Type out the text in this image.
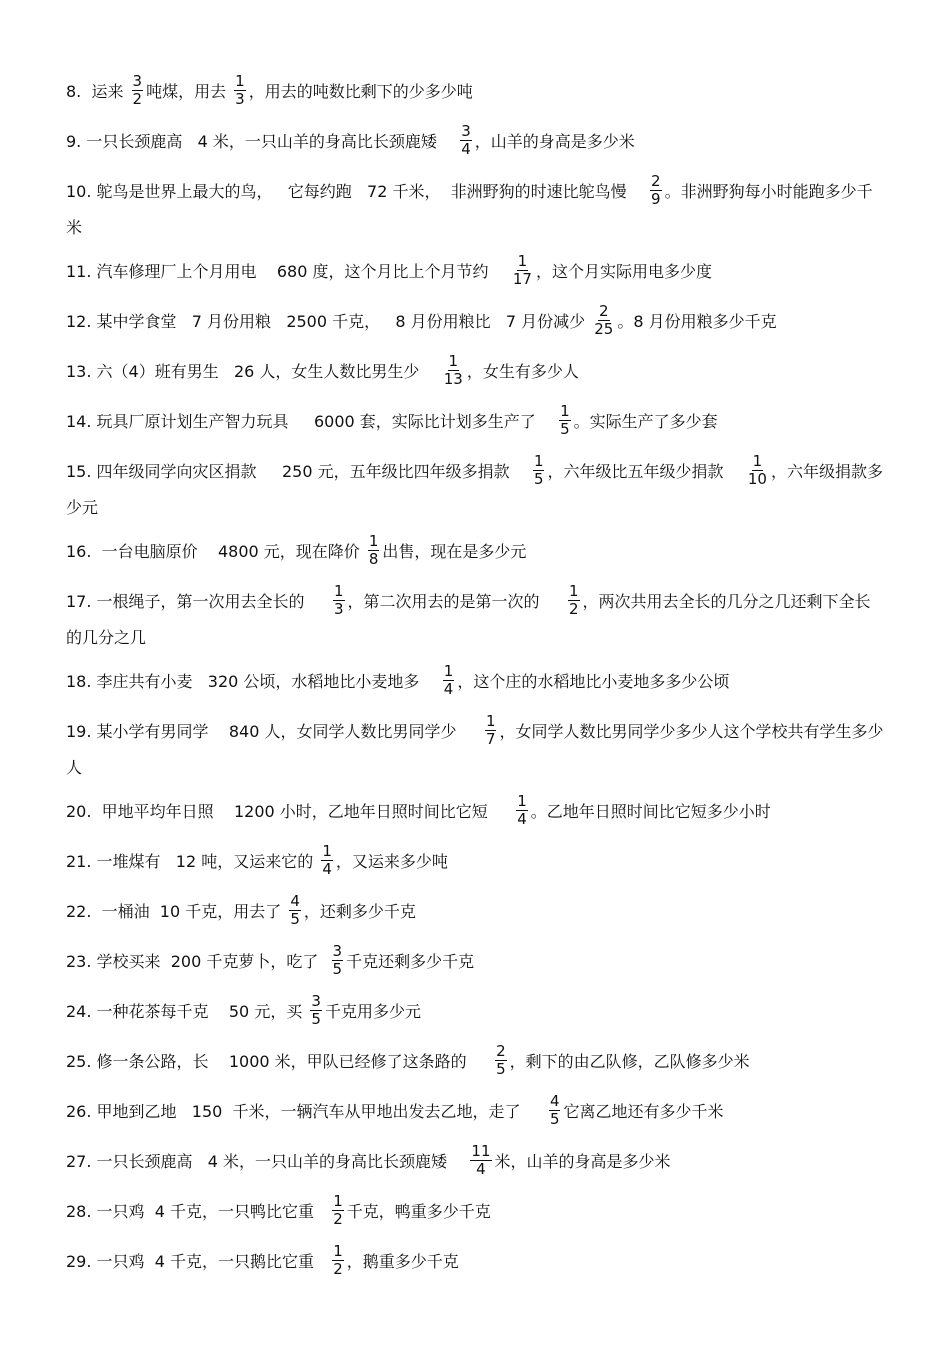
8.  运来 $\frac{3}{2}$ 吨煤，用去 $\frac{1}{3}$ ，用去的吨数比剩下的少多少吨
9. 一只长颈鹿高   4 米，一只山羊的身高比长颈鹿矮 $\frac{3}{4}$ ，山羊的身高是多少米
10. 鸵鸟是世界上最大的鸟，   它每约跑   72 千米，  非洲野狗的时速比鸵鸟慢 $\frac{2}{9}$ 。非洲野狗每小时能跑多少千米
11. 汽车修理厂上个月用电    680 度，这个月比上个月节约 $\frac{1}{17}$ ，这个月实际用电多少度
12. 某中学食堂   7 月份用粮   2500 千克，   8 月份用粮比   7 月份减少 $\frac{2}{25}$ 。8 月份用粮多少千克
13. 六（4）班有男生   26 人，女生人数比男生少 $\frac{1}{13}$ ，女生有多少人
14. 玩具厂原计划生产智力玩具     6000 套，实际比计划多生产了 $\frac{1}{5}$ 。实际生产了多少套
15. 四年级同学向灾区捐款     250 元，五年级比四年级多捐款 $\frac{1}{5}$ ，六年级比五年级少捐款 $\frac{1}{10}$ ，六年级捐款多少元
16.  一台电脑原价    4800 元，现在降价 $\frac{1}{8}$ 出售，现在是多少元
17. 一根绳子，第一次用去全长的 $\frac{1}{3}$ ，第二次用去的是第一次的 $\frac{1}{2}$ ，两次共用去全长的几分之几还剩下全长的几分之几
18. 李庄共有小麦   320 公顷，水稻地比小麦地多 $\frac{1}{4}$ ，这个庄的水稻地比小麦地多多少公顷
19. 某小学有男同学    840 人，女同学人数比男同学少 $\frac{1}{7}$ ，女同学人数比男同学少多少人这个学校共有学生多少人
20.  甲地平均年日照    1200 小时，乙地年日照时间比它短 $\frac{1}{4}$ 。乙地年日照时间比它短多少小时
21. 一堆煤有   12 吨，又运来它的 $\frac{1}{4}$ ，又运来多少吨
22.  一桶油  10 千克，用去了 $\frac{4}{5}$ ，还剩多少千克
23. 学校买来  200 千克萝卜，吃了 $\frac{3}{5}$ 千克还剩多少千克
24. 一种花茶每千克    50 元，买 $\frac{3}{5}$ 千克用多少元
25. 修一条公路，长    1000 米，甲队已经修了这条路的 $\frac{2}{5}$ ，剩下的由乙队修，乙队修多少米
26. 甲地到乙地   150  千米，一辆汽车从甲地出发去乙地，走了 $\frac{4}{5}$ 它离乙地还有多少千米
27. 一只长颈鹿高   4 米，一只山羊的身高比长颈鹿矮 $\frac{11}{4}$ 米，山羊的身高是多少米
28. 一只鸡  4 千克，一只鸭比它重 $\frac{1}{2}$ 千克，鸭重多少千克
29. 一只鸡  4 千克，一只鹅比它重 $\frac{1}{2}$ ，鹅重多少千克
